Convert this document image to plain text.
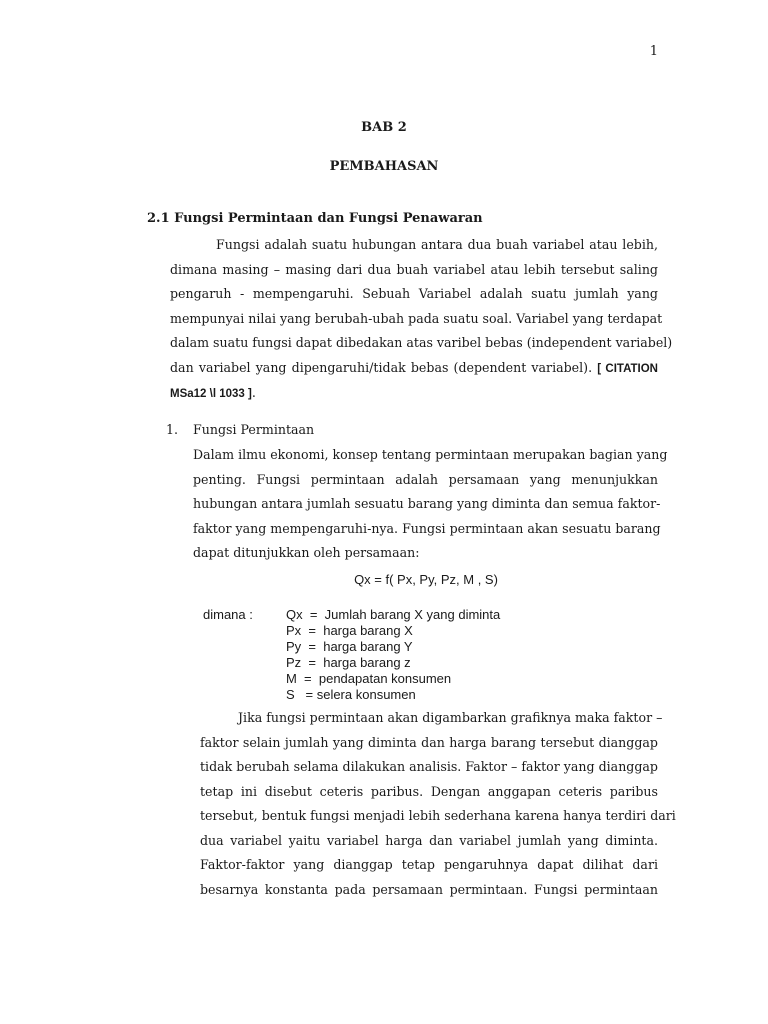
1
BAB 2
PEMBAHASAN
2.1 Fungsi Permintaan dan Fungsi Penawaran
Fungsi adalah suatu hubungan antara dua buah variabel atau lebih,
dimana masing – masing dari dua buah variabel atau lebih tersebut saling
pengaruh - mempengaruhi. Sebuah Variabel adalah suatu jumlah yang
mempunyai nilai yang berubah-ubah pada suatu soal. Variabel yang terdapat
dalam suatu fungsi dapat dibedakan atas varibel bebas (independent variabel)
dan variabel yang dipengaruhi/tidak bebas (dependent variabel). [ CITATION
MSa12 \l 1033 ].
1. Fungsi Permintaan
Dalam ilmu ekonomi, konsep tentang permintaan merupakan bagian yang
penting. Fungsi permintaan adalah persamaan yang menunjukkan
hubungan antara jumlah sesuatu barang yang diminta dan semua faktor-
faktor yang mempengaruhi-nya. Fungsi permintaan akan sesuatu barang
dapat ditunjukkan oleh persamaan:
Qx = f( Px, Py, Pz, M , S)
dimana :	Qx  =  Jumlah barang X yang diminta
Px  =  harga barang X
Py  =  harga barang Y
Pz  =  harga barang z
M  =  pendapatan konsumen
S   = selera konsumen
Jika fungsi permintaan akan digambarkan grafiknya maka faktor –
faktor selain jumlah yang diminta dan harga barang tersebut dianggap
tidak berubah selama dilakukan analisis. Faktor – faktor yang dianggap
tetap ini disebut ceteris paribus. Dengan anggapan ceteris paribus
tersebut, bentuk fungsi menjadi lebih sederhana karena hanya terdiri dari
dua variabel yaitu variabel harga dan variabel jumlah yang diminta.
Faktor-faktor yang dianggap tetap pengaruhnya dapat dilihat dari
besarnya konstanta pada persamaan permintaan. Fungsi permintaan
